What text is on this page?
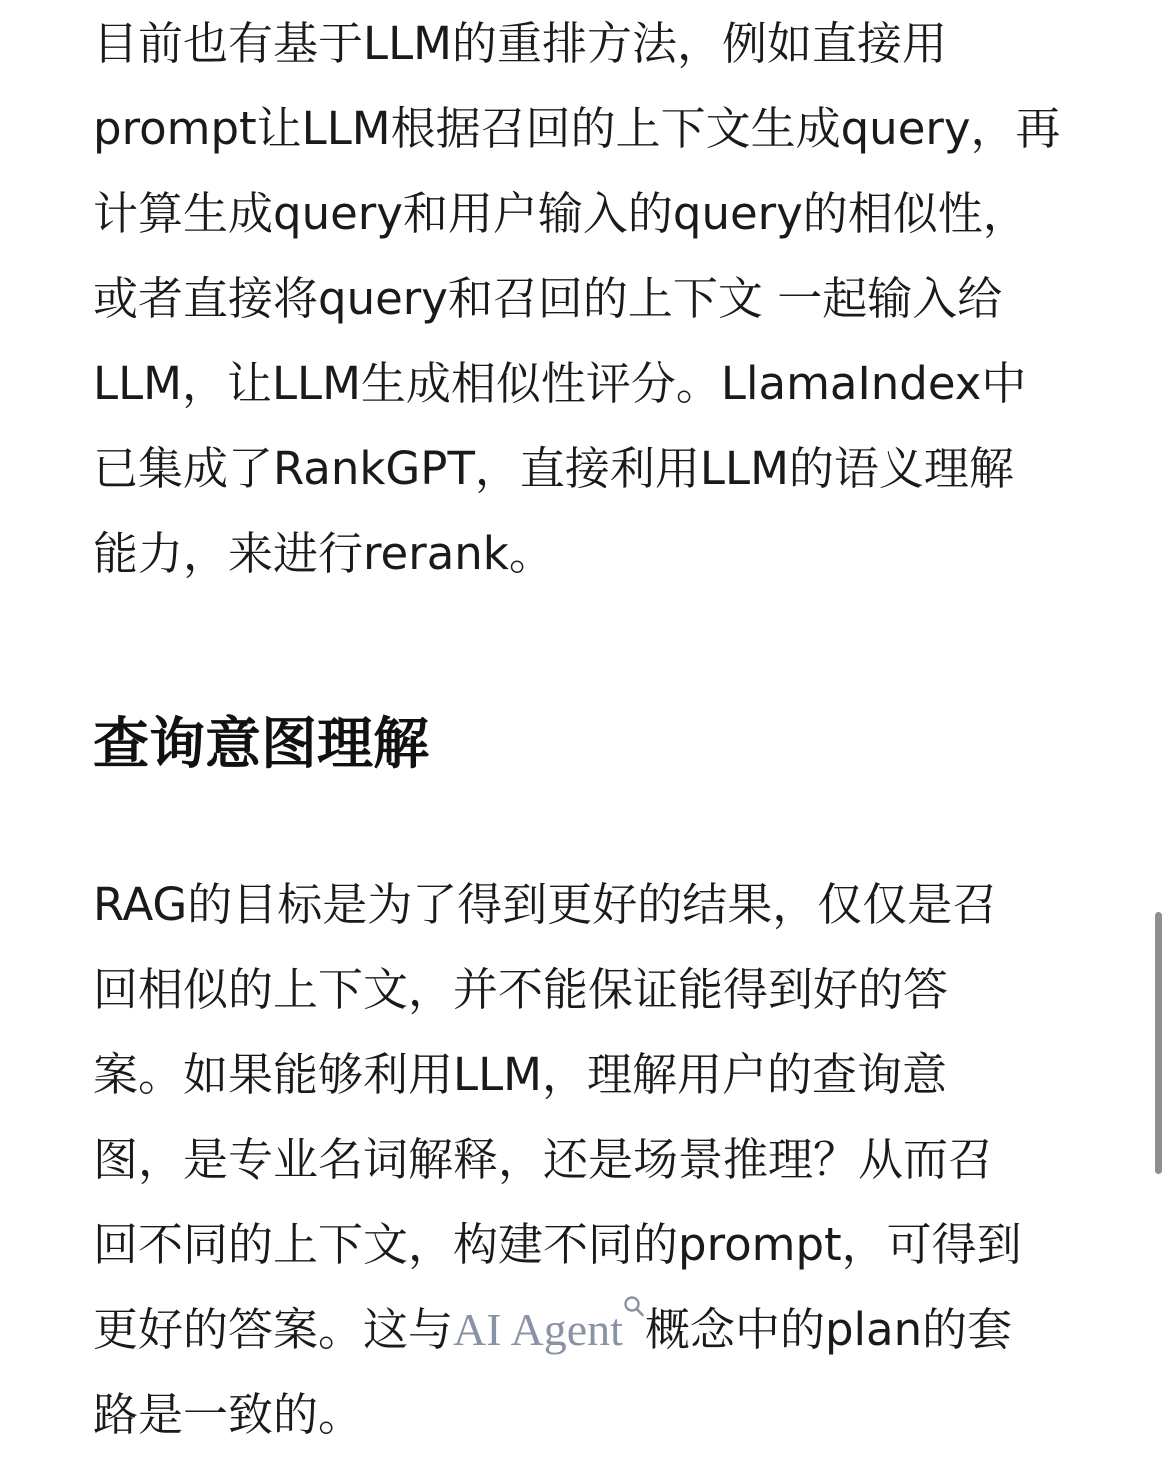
目前也有基于LLM的重排方法，例如直接用
prompt让LLM根据召回的上下文生成query，再
计算生成query和用户输入的query的相似性，
或者直接将query和召回的上下文 一起输入给
LLM，让LLM生成相似性评分。LlamaIndex中
已集成了RankGPT，直接利用LLM的语义理解
能力，来进行rerank。

查询意图理解

RAG的目标是为了得到更好的结果，仅仅是召
回相似的上下文，并不能保证能得到好的答
案。如果能够利用LLM，理解用户的查询意
图，是专业名词解释，还是场景推理？从而召
回不同的上下文，构建不同的prompt，可得到
更好的答案。这与AI Agent 概念中的plan的套
路是一致的。
